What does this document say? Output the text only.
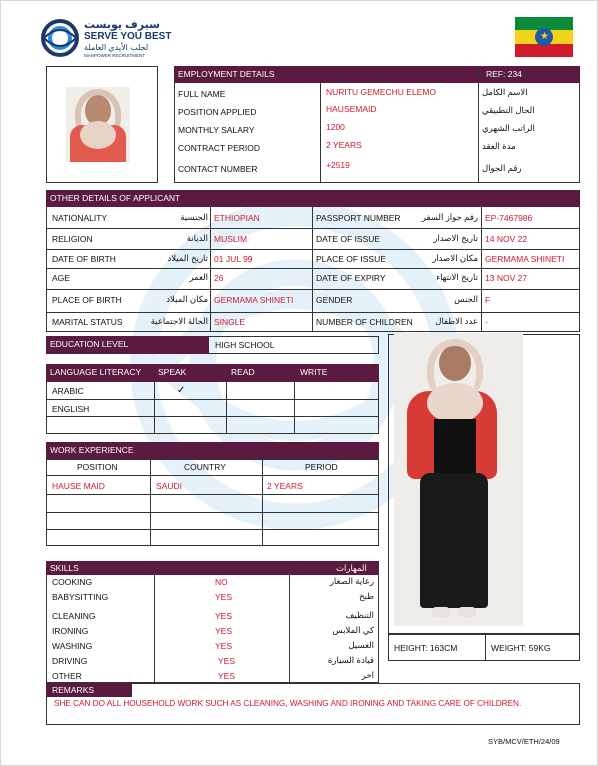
سيرف يوبست
SERVE YOU BEST
لجلب الأيدي العاملة
MANPOWER RECRUITMENT
★
EMPLOYMENT DETAILS	REF: 234
FULL NAME	NURITU GEMECHU ELEMO	الاسم الكامل
POSITION APPLIED	HAUSEMAID	الحال التطبيقي
MONTHLY SALARY	1200	الراتب الشهري
CONTRACT PERIOD	2 YEARS	مدة العقد
CONTACT NUMBER	+2519	رقم الجوال
OTHER DETAILS OF APPLICANT
NATIONALITY	الجنسية ETHIOPIAN	PASSPORT NUMBER	رقم جواز السفر EP-7467986
RELIGION	الديانة MUSLIM	DATE OF ISSUE	تاريخ الاصدار 14 NOV 22
DATE OF BIRTH	تاريخ الميلاد 01 JUL 99	PLACE OF ISSUE	مكان الاصدار GERMAMA SHINETI
AGE	العمر 26	DATE OF EXPIRY	تاريخ الانتهاء 13 NOV 27
PLACE OF BIRTH	مكان الميلاد GERMAMA SHINETI	GENDER	الجنس F
MARITAL STATUS	الحالة الاجتماعية SINGLE	NUMBER OF CHILDREN	عدد الاطفال -
EDUCATION LEVEL	HIGH SCHOOL
HEIGHT: 163CM	WEIGHT: 59KG
LANGUAGE LITERACY SPEAK	READ	WRITE
ARABIC	✓
ENGLISH
WORK EXPERIENCE
POSITION	COUNTRY	PERIOD
HAUSE MAID	SAUDI	2 YEARS
SKILLS	المهارات
COOKING	NO	رعاية الصغار
BABYSITTING	YES	طبخ
CLEANING	YES	التنظيف
IRONING	YES	كي الملابس
WASHING	YES	الغسيل
DRIVING	YES	قيادة السيارة
OTHER	YES	اخر
REMARKS
SHE CAN DO ALL HOUSEHOLD WORK SUCH AS CLEANING, WASHING AND IRONING AND TAKING CARE OF CHILDREN.
SYB/MCV/ETH/24/09
